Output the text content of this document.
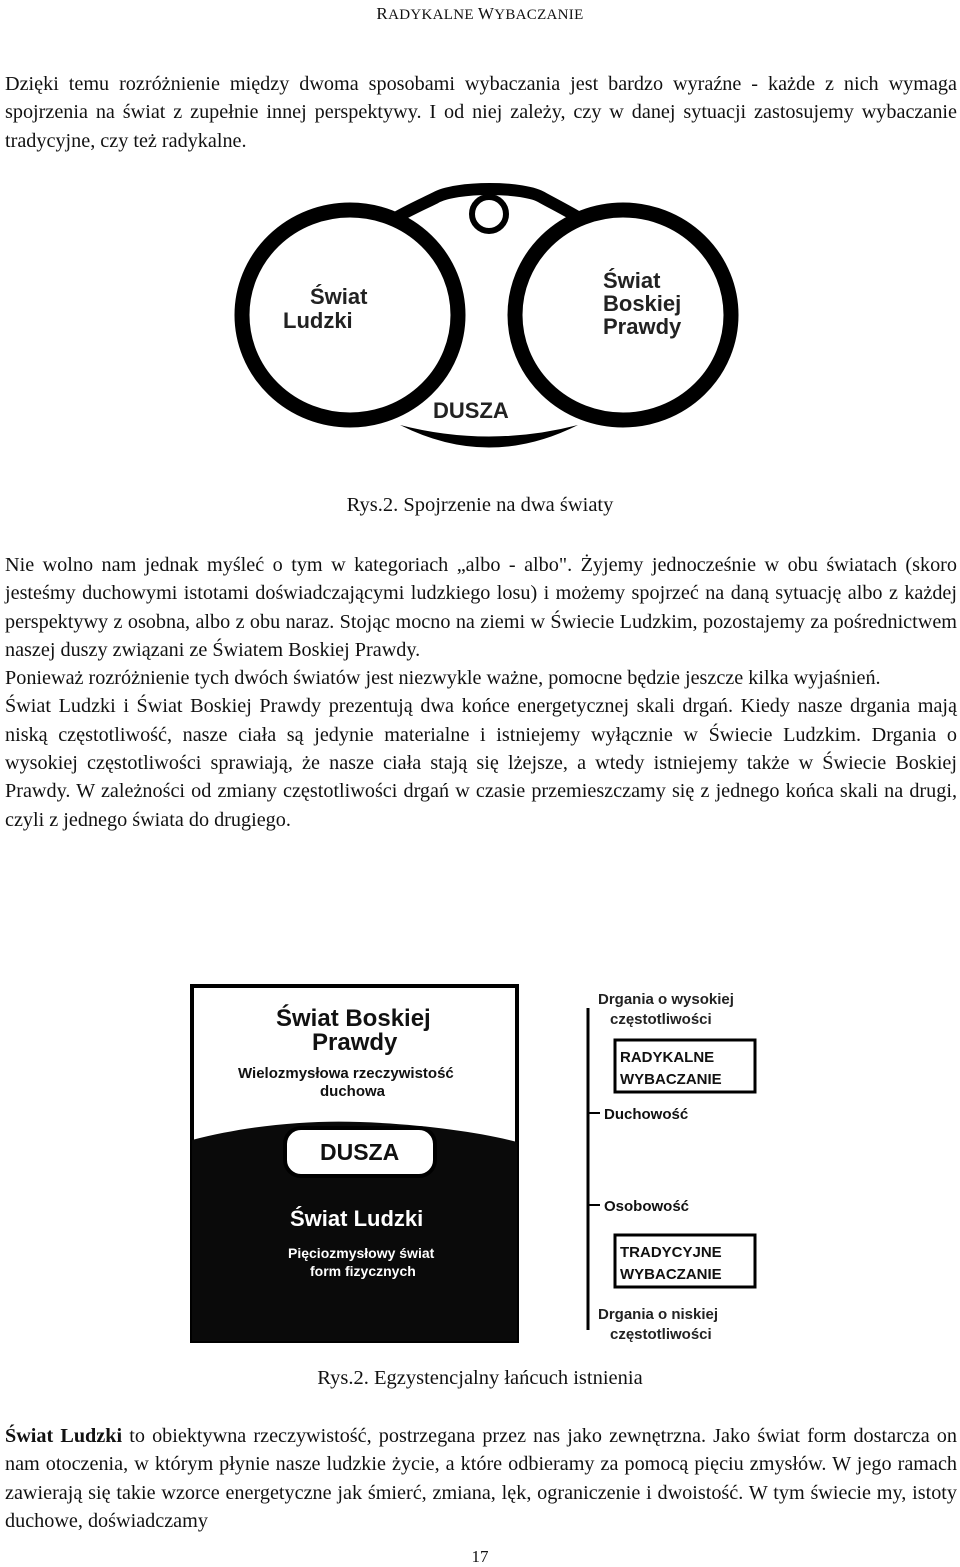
RADYKALNE WYBACZANIE

Dzięki temu rozróżnienie między dwoma sposobami wybaczania jest bardzo wyraźne - każde z nich wymaga spojrzenia na świat z zupełnie innej perspektywy. I od niej zależy, czy w danej sytuacji zastosujemy wybaczanie tradycyjne, czy też radykalne.

Świat
Ludzki
Świat
Boskiej
Prawdy
DUSZA
Rys.2. Spojrzenie na dwa światy

Nie wolno nam jednak myśleć o tym w kategoriach „albo - albo". Żyjemy jednocześnie w obu światach (skoro jesteśmy duchowymi istotami doświadczającymi ludzkiego losu) i możemy spojrzeć na daną sytuację albo z każdej perspektywy z osobna, albo z obu naraz. Stojąc mocno na ziemi w Świecie Ludzkim, pozostajemy za pośrednictwem naszej duszy związani ze Światem Boskiej Prawdy.

Ponieważ rozróżnienie tych dwóch światów jest niezwykle ważne, pomocne będzie jeszcze kilka wyjaśnień.

Świat Ludzki i Świat Boskiej Prawdy prezentują dwa końce energetycznej skali drgań. Kiedy nasze drgania mają niską częstotliwość, nasze ciała są jedynie materialne i istniejemy wyłącznie w Świecie Ludzkim. Drgania o wysokiej częstotliwości sprawiają, że nasze ciała stają się lżejsze, a wtedy istniejemy także w Świecie Boskiej Prawdy. W zależności od zmiany częstotliwości drgań w czasie przemieszczamy się z jednego końca skali na drugi, czyli z jednego świata do drugiego.

DUSZA
Świat Boskiej
Prawdy
Wielozmysłowa rzeczywistość
duchowa
Świat Ludzki
Pięciozmysłowy świat
form fizycznych
Drgania o wysokiej
częstotliwości
RADYKALNE
WYBACZANIE
Duchowość
Osobowość
TRADYCYJNE
WYBACZANIE
Drgania o niskiej
częstotliwości
Rys.2. Egzystencjalny łańcuch istnienia

Świat Ludzki to obiektywna rzeczywistość, postrzegana przez nas jako zewnętrzna. Jako świat form dostarcza on nam otoczenia, w którym płynie nasze ludzkie życie, a które odbieramy za pomocą pięciu zmysłów. W jego ramach zawierają się takie wzorce energetyczne jak śmierć, zmiana, lęk, ograniczenie i dwoistość. W tym świecie my, istoty duchowe, doświadczamy

17
